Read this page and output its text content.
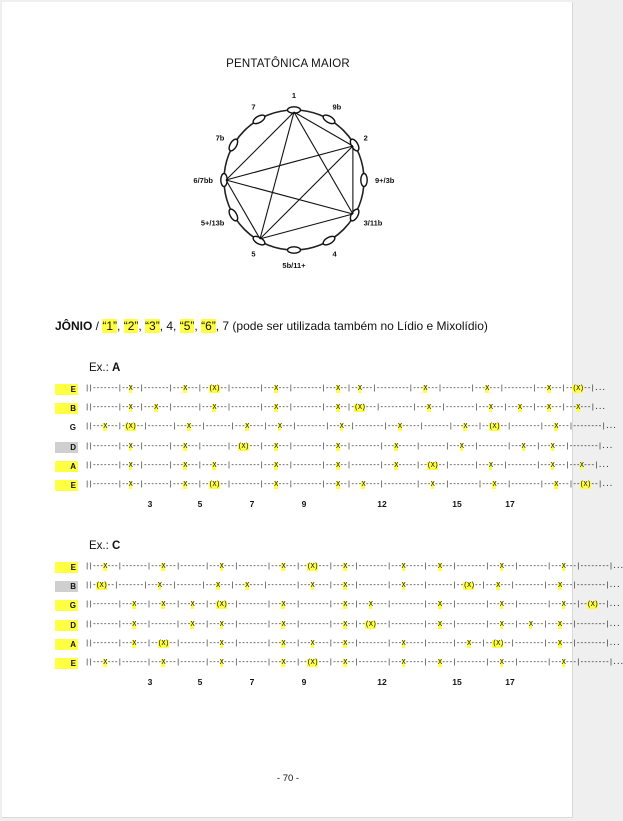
PENTATÔNICA MAIOR
1
9b
2
9+/3b
3/11b
4
5b/11+
5
5+/13b
6/7bb
7b
7
JÔNIO / “1”, “2”, “3”, 4, “5”, “6”, 7 (pode ser utilizada também no Lídio e Mixolídio)
Ex.: A
E ||-------|--X--|-------|---X---|--(X)--|--------|---X---|--------|---X--|--X---|---------|---X---|--------|---X---|--------|---X---|--(X)--|...
B ||-------|--X--|---X---|-------|---X---|--------|---X---|--------|---X--|-(X)---|---------|---X---|--------|---X---|---X---|---X---|---X---|...
G ||---X---|-(X)--|-------|---X---|-------|---X----|---X---|--------|---X--|--------|---X-----|-------|---X---|--(X)--|--------|---X---|--------|...
D ||-------|--X--|-------|---X---|-------|--(X)---|---X---|--------|---X--|--------|---X-----|-------|---X---|--------|---X---|---X---|--------|...
A ||-------|--X--|-------|---X---|---X---|--------|---X---|--------|---X--|--------|---X-----|--(X)--|-------|---X---|--------|---X---|---X---|...
E ||-------|--X--|-------|---X---|--(X)--|--------|---X---|--------|---X--|---X----|---------|---X---|--------|---X---|--------|---X---|--(X)--|...
3	5	7	9	12	15	17
Ex.: C
E ||---X---|-------|---X---|-------|---X---|--------|---X---|--(X)---|---X--|--------|---X-----|---X---|--------|---X---|--------|---X---|--------|...
B ||-(X)--|-------|---X---|-------|---X---|---X----|--------|---X----|---X--|--------|---X-----|-------|--(X)--|---X---|--------|---X---|--------|...
G ||-------|---X---|---X---|---X---|--(X)--|--------|---X---|--------|---X--|---X----|---------|---X---|--------|---X---|--------|---X---|--(X)--|...
D ||-------|---X---|-------|---X---|---X---|--------|---X---|--------|---X--|--(X)---|---------|---X---|--------|---X---|---X---|---X---|--------|...
A ||-------|---X---|--(X)--|-------|---X---|--------|---X---|---X----|---X--|--------|---X-----|-------|---X---|--(X)--|--------|---X---|--------|...
E ||---X---|-------|---X---|-------|---X---|--------|---X---|--(X)---|---X--|--------|---X-----|---X---|--------|---X---|--------|---X---|--------|...
3	5	7	9	12	15	17
- 70 -
